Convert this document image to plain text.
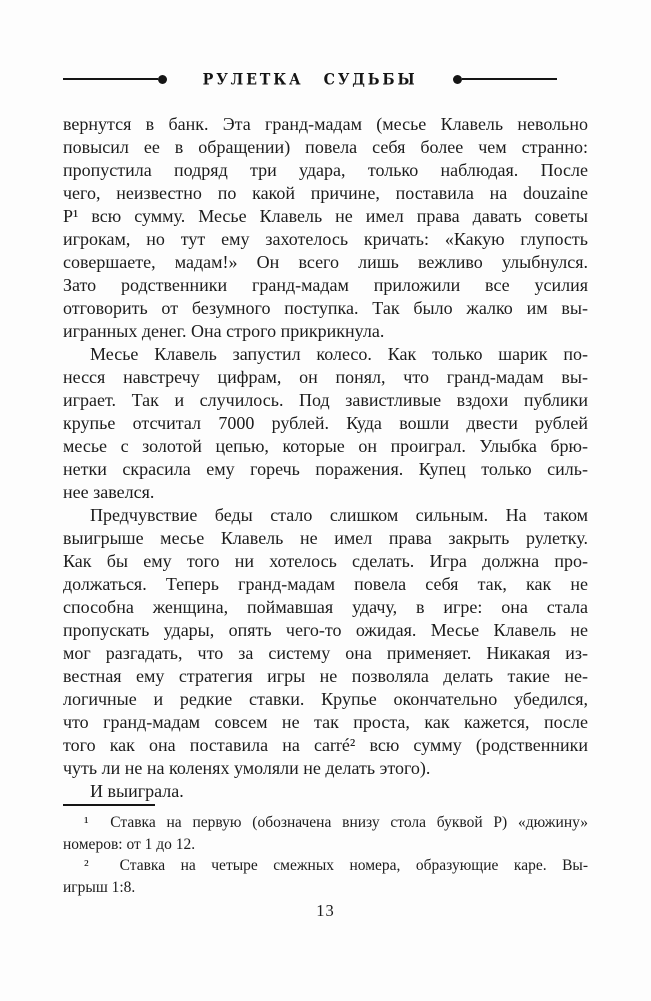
РУЛЕТКА СУДЬБЫ
вернутся в банк. Эта гранд-мадам (месье Клавель невольно
повысил ее в обращении) повела себя более чем странно:
пропустила подряд три удара, только наблюдая. После
чего, неизвестно по какой причине, поставила на douzaine
Р¹ всю сумму. Месье Клавель не имел права давать советы
игрокам, но тут ему захотелось кричать: «Какую глупость
совершаете, мадам!» Он всего лишь вежливо улыбнулся.
Зато родственники гранд-мадам приложили все усилия
отговорить от безумного поступка. Так было жалко им вы-
игранных денег. Она строго прикрикнула.
Месье Клавель запустил колесо. Как только шарик по-
несся навстречу цифрам, он понял, что гранд-мадам вы-
играет. Так и случилось. Под завистливые вздохи публики
крупье отсчитал 7000 рублей. Куда вошли двести рублей
месье с золотой цепью, которые он проиграл. Улыбка брю-
нетки скрасила ему горечь поражения. Купец только силь-
нее завелся.
Предчувствие беды стало слишком сильным. На таком
выигрыше месье Клавель не имел права закрыть рулетку.
Как бы ему того ни хотелось сделать. Игра должна про-
должаться. Теперь гранд-мадам повела себя так, как не
способна женщина, поймавшая удачу, в игре: она стала
пропускать удары, опять чего-то ожидая. Месье Клавель не
мог разгадать, что за систему она применяет. Никакая из-
вестная ему стратегия игры не позволяла делать такие не-
логичные и редкие ставки. Крупье окончательно убедился,
что гранд-мадам совсем не так проста, как кажется, после
того как она поставила на carré² всю сумму (родственники
чуть ли не на коленях умоляли не делать этого).
И выиграла.
¹  Ставка на первую (обозначена внизу стола буквой Р) «дюжину»
номеров: от 1 до 12.
²  Ставка на четыре смежных номера, образующие каре. Вы-
игрыш 1:8.
13
